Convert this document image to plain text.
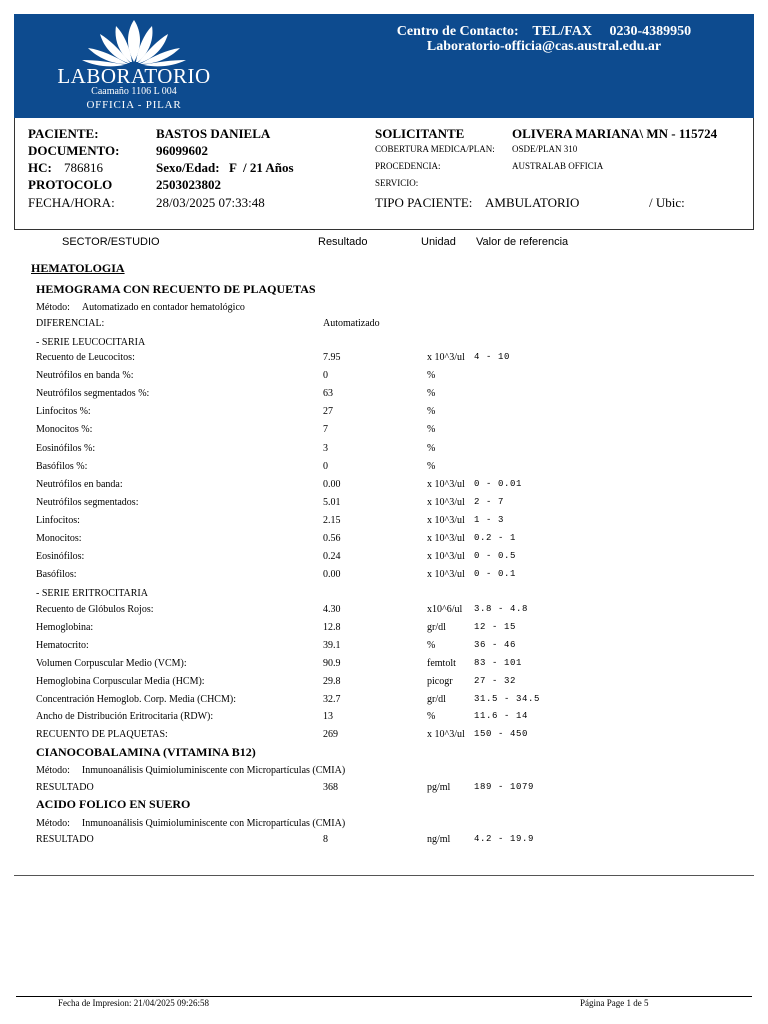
LABORATORIO
Caamaño 1106 L 004
OFFICIA - PILAR
Centro de Contacto:    TEL/FAX     0230-4389950
Laboratorio-officia@cas.austral.edu.ar
PACIENTE:	BASTOS DANIELA
DOCUMENTO:	96099602
HC: 786816	Sexo/Edad: F  / 21 Años
PROTOCOLO	2503023802
FECHA/HORA:	28/03/2025 07:33:48
SOLICITANTE	OLIVERA MARIANA\ MN - 115724
COBERTURA MEDICA/PLAN: OSDE/PLAN 310
PROCEDENCIA:	AUSTRALAB OFFICIA
SERVICIO:
TIPO PACIENTE: AMBULATORIO	/ Ubic:
SECTOR/ESTUDIO	Resultado	Unidad Valor de referencia
HEMATOLOGIA
HEMOGRAMA CON RECUENTO DE PLAQUETAS
Método: Automatizado en contador hematológico
DIFERENCIAL:	Automatizado
- SERIE LEUCOCITARIA
Recuento de Leucocitos:	7.95	x 10^3/ul 4 - 10
Neutrófilos en banda %:	0	%
Neutrófilos segmentados %:	63	%
Linfocitos %:	27	%
Monocitos %:	7	%
Eosinófilos %:	3	%
Basófilos %:	0	%
Neutrófilos en banda:	0.00	x 10^3/ul 0 - 0.01
Neutrófilos segmentados:	5.01	x 10^3/ul 2 - 7
Linfocitos:	2.15	x 10^3/ul 1 - 3
Monocitos:	0.56	x 10^3/ul 0.2 - 1
Eosinófilos:	0.24	x 10^3/ul 0 - 0.5
Basófilos:	0.00	x 10^3/ul 0 - 0.1
- SERIE ERITROCITARIA
Recuento de Glóbulos Rojos:	4.30	x10^6/ul 3.8 - 4.8
Hemoglobina:	12.8	gr/dl	12 - 15
Hematocrito:	39.1	%	36 - 46
Volumen Corpuscular Medio (VCM):	90.9	femtolt 83 - 101
Hemoglobina Corpuscular Media (HCM):	29.8	picogr 27 - 32
Concentración Hemoglob. Corp. Media (CHCM):	32.7	gr/dl	31.5 - 34.5
Ancho de Distribución Eritrocitaria (RDW):	13	%	11.6 - 14
RECUENTO DE PLAQUETAS:	269	x 10^3/ul 150 - 450
CIANOCOBALAMINA (VITAMINA B12)
Método: Inmunoanálisis Quimioluminiscente con Micropartículas (CMIA)
RESULTADO	368	pg/ml	189 - 1079
ACIDO FOLICO EN SUERO
Método: Inmunoanálisis Quimioluminiscente con Micropartículas (CMIA)
RESULTADO	8	ng/ml	4.2 - 19.9
Fecha de Impresion: 21/04/2025 09:26:58	Página Page 1 de 5
